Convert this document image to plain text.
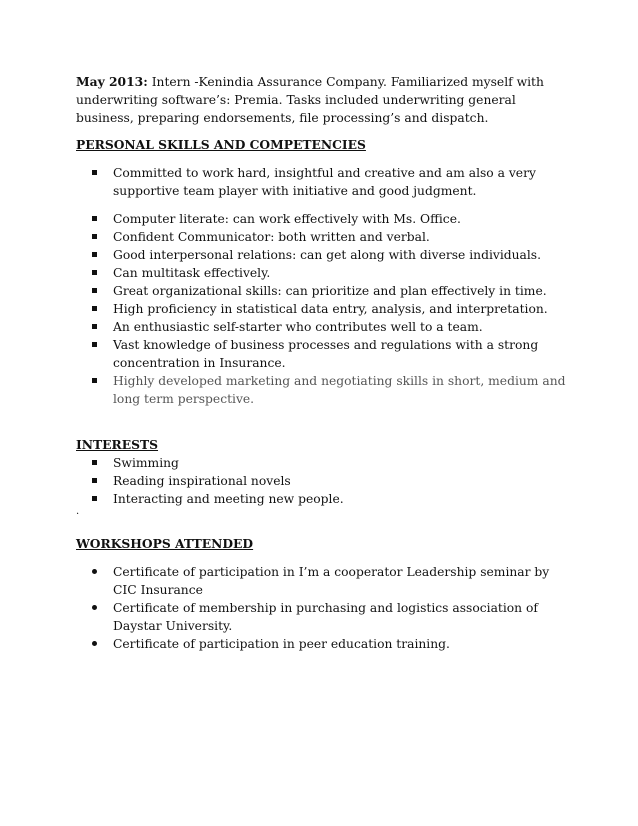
May 2013: Intern -Kenindia Assurance Company. Familiarized myself with underwriting software’s: Premia. Tasks included underwriting general business, preparing endorsements, file processing’s and dispatch.
PERSONAL SKILLS AND COMPETENCIES
Committed to work hard, insightful and creative and am also a very supportive team player with initiative and good judgment.
Computer literate: can work effectively with Ms. Office.
Confident Communicator: both written and verbal.
Good interpersonal relations: can get along with diverse individuals.
Can multitask effectively.
Great organizational skills: can prioritize and plan effectively in time.
High proficiency in statistical data entry, analysis, and interpretation.
An enthusiastic self-starter who contributes well to a team.
Vast knowledge of business processes and regulations with a strong concentration in Insurance.
Highly developed marketing and negotiating skills in short, medium and long term perspective.
INTERESTS
Swimming
Reading inspirational novels
Interacting and meeting new people.
.
WORKSHOPS ATTENDED
Certificate of participation in I’m a cooperator Leadership seminar by CIC Insurance
Certificate of membership in purchasing and logistics association of Daystar University.
Certificate of participation in peer education training.
